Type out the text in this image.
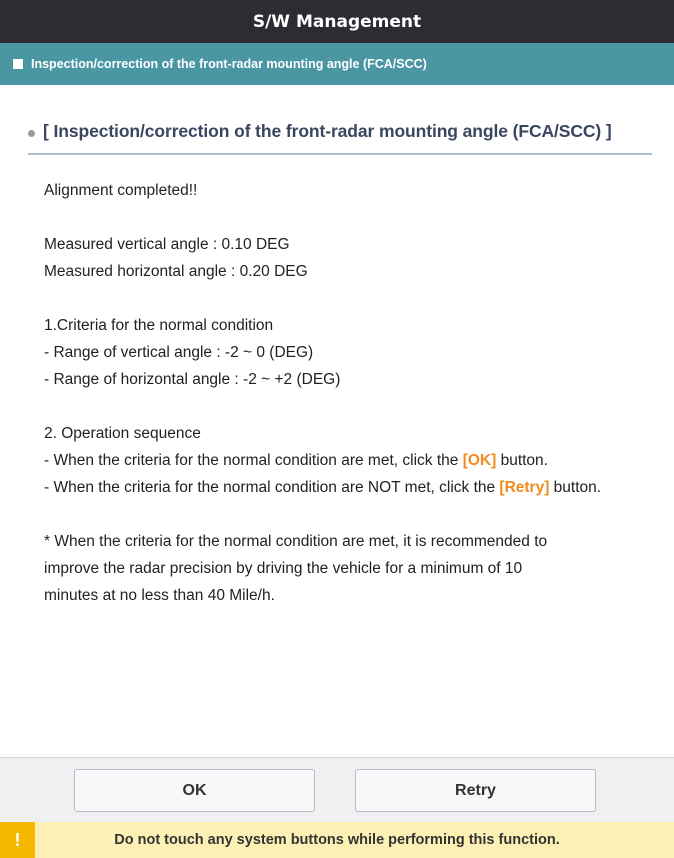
S/W Management
Inspection/correction of the front-radar mounting angle (FCA/SCC)
[ Inspection/correction of the front-radar mounting angle (FCA/SCC) ]
Alignment completed!!
Measured vertical angle : 0.10 DEG
Measured horizontal angle : 0.20 DEG
1.Criteria for the normal condition
- Range of vertical angle : -2 ~ 0 (DEG)
- Range of horizontal angle : -2 ~ +2 (DEG)
2. Operation sequence
- When the criteria for the normal condition are met, click the [OK] button.
- When the criteria for the normal condition are NOT met, click the [Retry] button.
* When the criteria for the normal condition are met, it is recommended to
improve the radar precision by driving the vehicle for a minimum of 10
minutes at no less than 40 Mile/h.
OK	Retry
!	Do not touch any system buttons while performing this function.
